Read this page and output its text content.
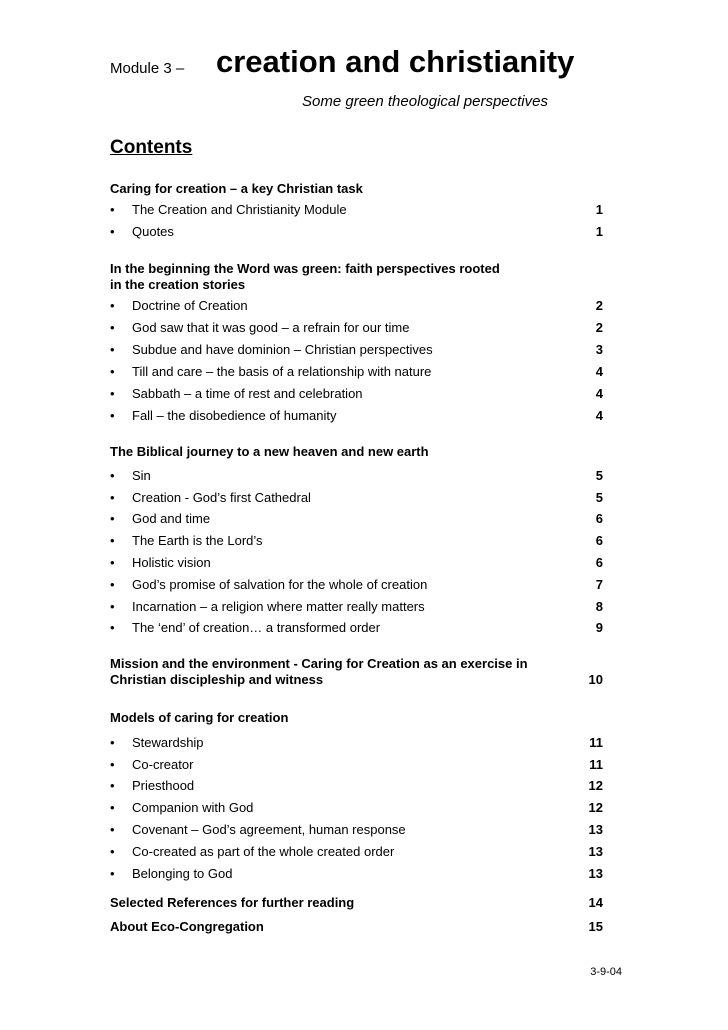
Module 3 – creation and christianity
Some green theological perspectives
Contents
Caring for creation – a key Christian task
• The Creation and Christianity Module	1
• Quotes	1
In the beginning the Word was green: faith perspectives rooted
in the creation stories
• Doctrine of Creation	2
• God saw that it was good – a refrain for our time	2
• Subdue and have dominion – Christian perspectives	3
• Till and care – the basis of a relationship with nature	4
• Sabbath – a time of rest and celebration	4
• Fall – the disobedience of humanity	4
The Biblical journey to a new heaven and new earth
• Sin	5
• Creation - God’s first Cathedral	5
• God and time	6
• The Earth is the Lord’s	6
• Holistic vision	6
• God’s promise of salvation for the whole of creation	7
• Incarnation – a religion where matter really matters	8
• The ‘end’ of creation… a transformed order	9
Mission and the environment - Caring for Creation as an exercise in
Christian discipleship and witness	10
Models of caring for creation
• Stewardship	11
• Co-creator	11
• Priesthood	12
• Companion with God	12
• Covenant – God’s agreement, human response	13
• Co-created as part of the whole created order	13
• Belonging to God	13
Selected References for further reading	14
About Eco-Congregation	15
3-9-04
